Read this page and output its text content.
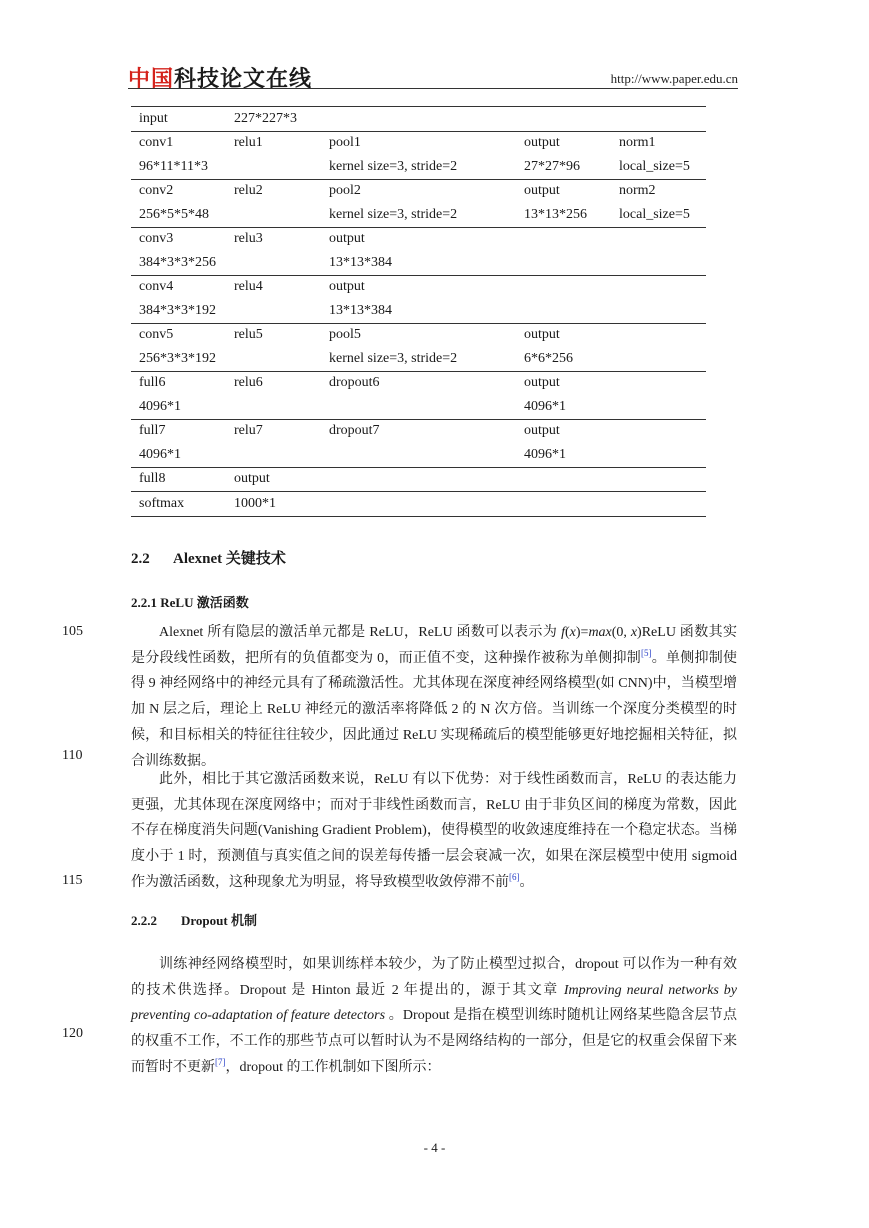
中国科技论文在线	http://www.paper.edu.cn
input	227*227*3			
conv1	relu1	pool1	output	norm1
96*11*11*3		kernel size=3, stride=2	27*27*96	local_size=5
conv2	relu2	pool2	output	norm2
256*5*5*48		kernel size=3, stride=2	13*13*256	local_size=5
conv3	relu3	output		
384*3*3*256		13*13*384		
conv4	relu4	output		
384*3*3*192		13*13*384		
conv5	relu5	pool5	output	
256*3*3*192		kernel size=3, stride=2	6*6*256	
full6	relu6	dropout6	output	
4096*1			4096*1	
full7	relu7	dropout7	output	
4096*1			4096*1	
full8	output			
softmax	1000*1			
2.2 Alexnet 关键技术
2.2.1 ReLU 激活函数
Alexnet 所有隐层的激活单元都是 ReLU，ReLU 函数可以表示为 f(x)=max(0, x)ReLU 函数其实是分段线性函数，把所有的负值都变为 0，而正值不变，这种操作被称为单侧抑制[5]。单侧抑制使得 9 神经网络中的神经元具有了稀疏激活性。尤其体现在深度神经网络模型(如 CNN)中，当模型增加 N 层之后，理论上 ReLU 神经元的激活率将降低 2 的 N 次方倍。当训练一个深度分类模型的时候，和目标相关的特征往往较少，因此通过 ReLU 实现稀疏后的模型能够更好地挖掘相关特征，拟合训练数据。
此外，相比于其它激活函数来说，ReLU 有以下优势：对于线性函数而言，ReLU 的表达能力更强，尤其体现在深度网络中；而对于非线性函数而言，ReLU 由于非负区间的梯度为常数，因此不存在梯度消失问题(Vanishing Gradient Problem)，使得模型的收敛速度维持在一个稳定状态。当梯度小于 1 时，预测值与真实值之间的误差每传播一层会衰减一次，如果在深层模型中使用 sigmoid 作为激活函数，这种现象尤为明显，将导致模型收敛停滞不前[6]。
2.2.2 Dropout 机制
训练神经网络模型时，如果训练样本较少，为了防止模型过拟合，dropout 可以作为一种有效的技术供选择。Dropout 是 Hinton 最近 2 年提出的，源于其文章 Improving neural networks by preventing co-adaptation of feature detectors 。Dropout 是指在模型训练时随机让网络某些隐含层节点的权重不工作，不工作的那些节点可以暂时认为不是网络结构的一部分，但是它的权重会保留下来而暂时不更新[7]，dropout 的工作机制如下图所示：
105
110
115
120
- 4 -
